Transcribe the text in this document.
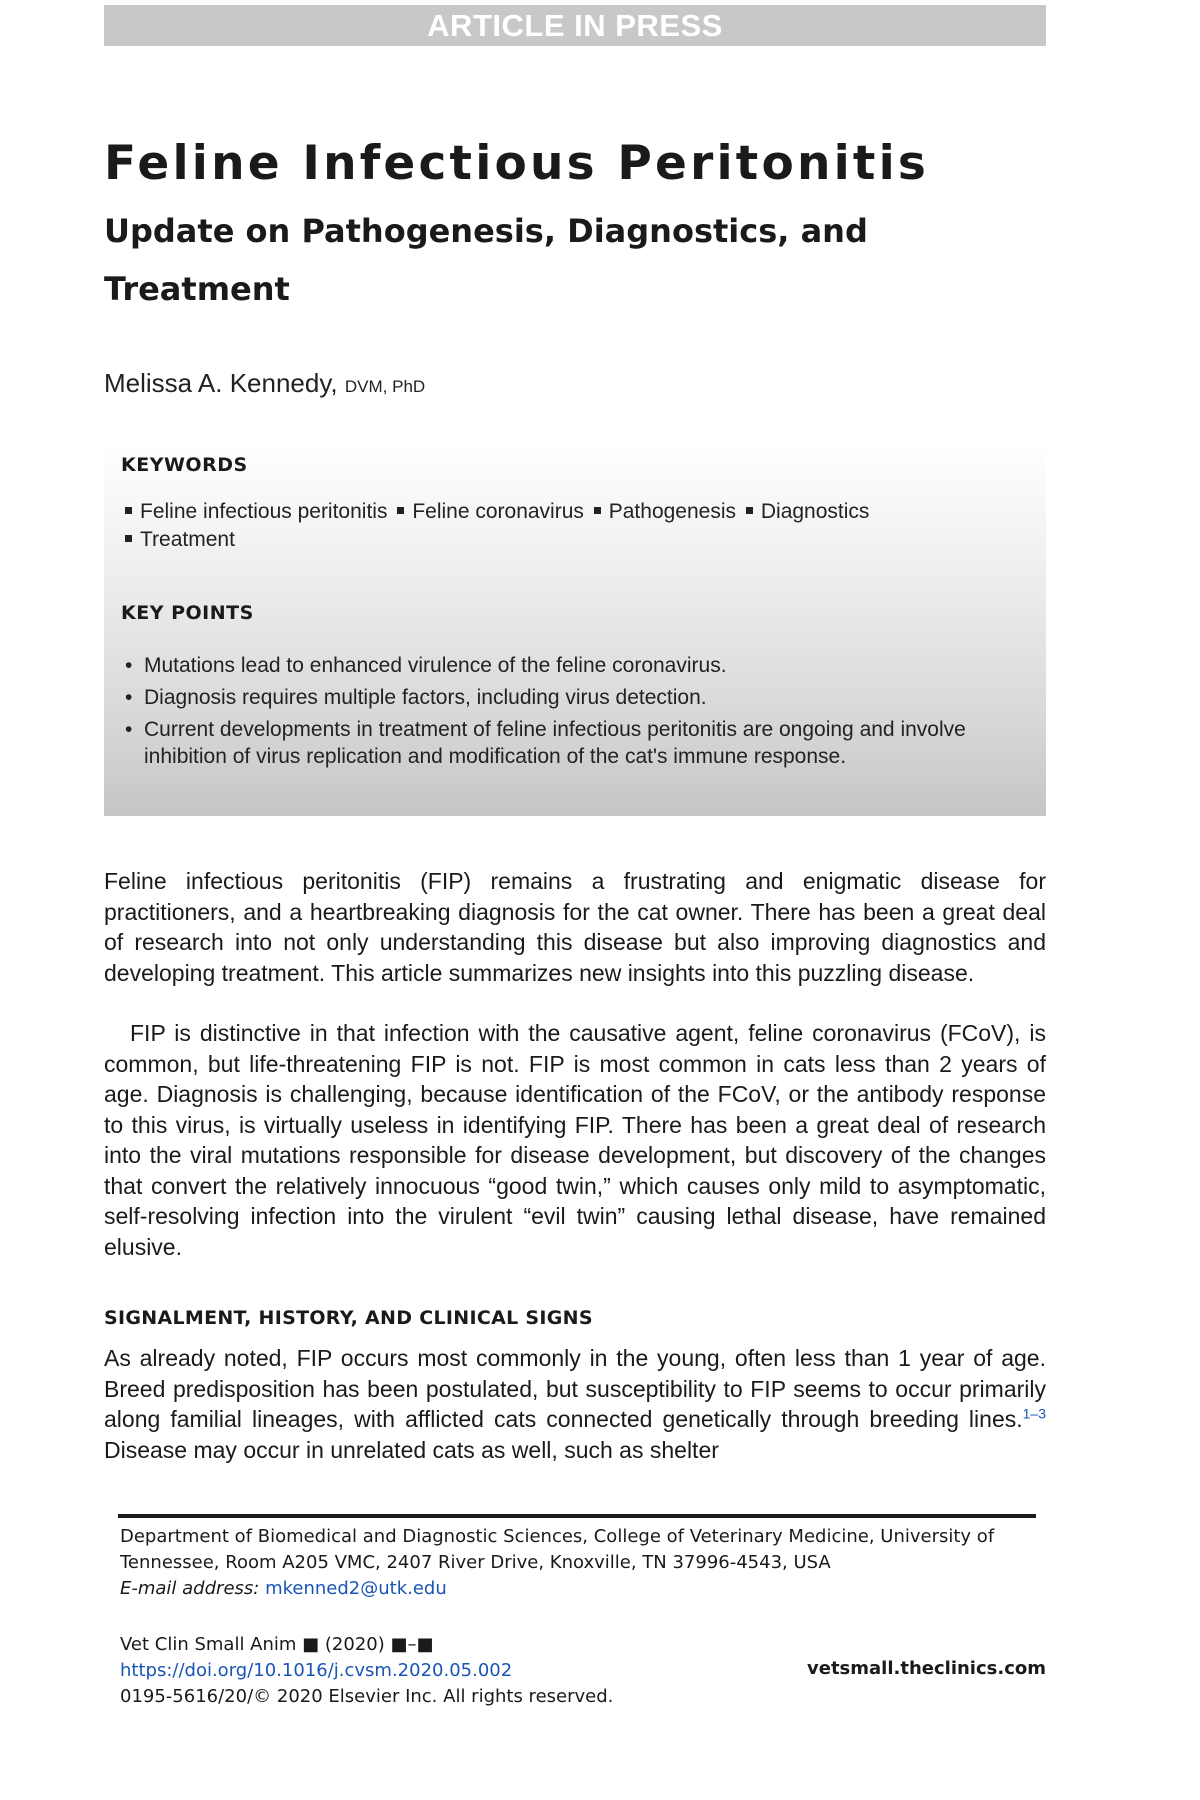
ARTICLE IN PRESS
Feline Infectious Peritonitis
Update on Pathogenesis, Diagnostics, and Treatment
Melissa A. Kennedy, DVM, PhD
KEYWORDS
Feline infectious peritonitis Feline coronavirus Pathogenesis Diagnostics
Treatment
KEY POINTS
• Mutations lead to enhanced virulence of the feline coronavirus.
• Diagnosis requires multiple factors, including virus detection.
• Current developments in treatment of feline infectious peritonitis are ongoing and involve inhibition of virus replication and modification of the cat's immune response.

Feline infectious peritonitis (FIP) remains a frustrating and enigmatic disease for practitioners, and a heartbreaking diagnosis for the cat owner. There has been a great deal of research into not only understanding this disease but also improving diagnostics and developing treatment. This article summarizes new insights into this puzzling disease.

FIP is distinctive in that infection with the causative agent, feline coronavirus (FCoV), is common, but life-threatening FIP is not. FIP is most common in cats less than 2 years of age. Diagnosis is challenging, because identification of the FCoV, or the antibody response to this virus, is virtually useless in identifying FIP. There has been a great deal of research into the viral mutations responsible for disease development, but discovery of the changes that convert the relatively innocuous “good twin,” which causes only mild to asymptomatic, self-resolving infection into the virulent “evil twin” causing lethal disease, have remained elusive.

SIGNALMENT, HISTORY, AND CLINICAL SIGNS

As already noted, FIP occurs most commonly in the young, often less than 1 year of age. Breed predisposition has been postulated, but susceptibility to FIP seems to occur primarily along familial lineages, with afflicted cats connected genetically through breeding lines.$^{1-3}$ Disease may occur in unrelated cats as well, such as shelter

Department of Biomedical and Diagnostic Sciences, College of Veterinary Medicine, University of Tennessee, Room A205 VMC, 2407 River Drive, Knoxville, TN 37996-4543, USA
E-mail address: mkenned2@utk.edu
Vet Clin Small Anim ■ (2020) ■–■
https://doi.org/10.1016/j.cvsm.2020.05.002
0195-5616/20/© 2020 Elsevier Inc. All rights reserved.
vetsmall.theclinics.com
